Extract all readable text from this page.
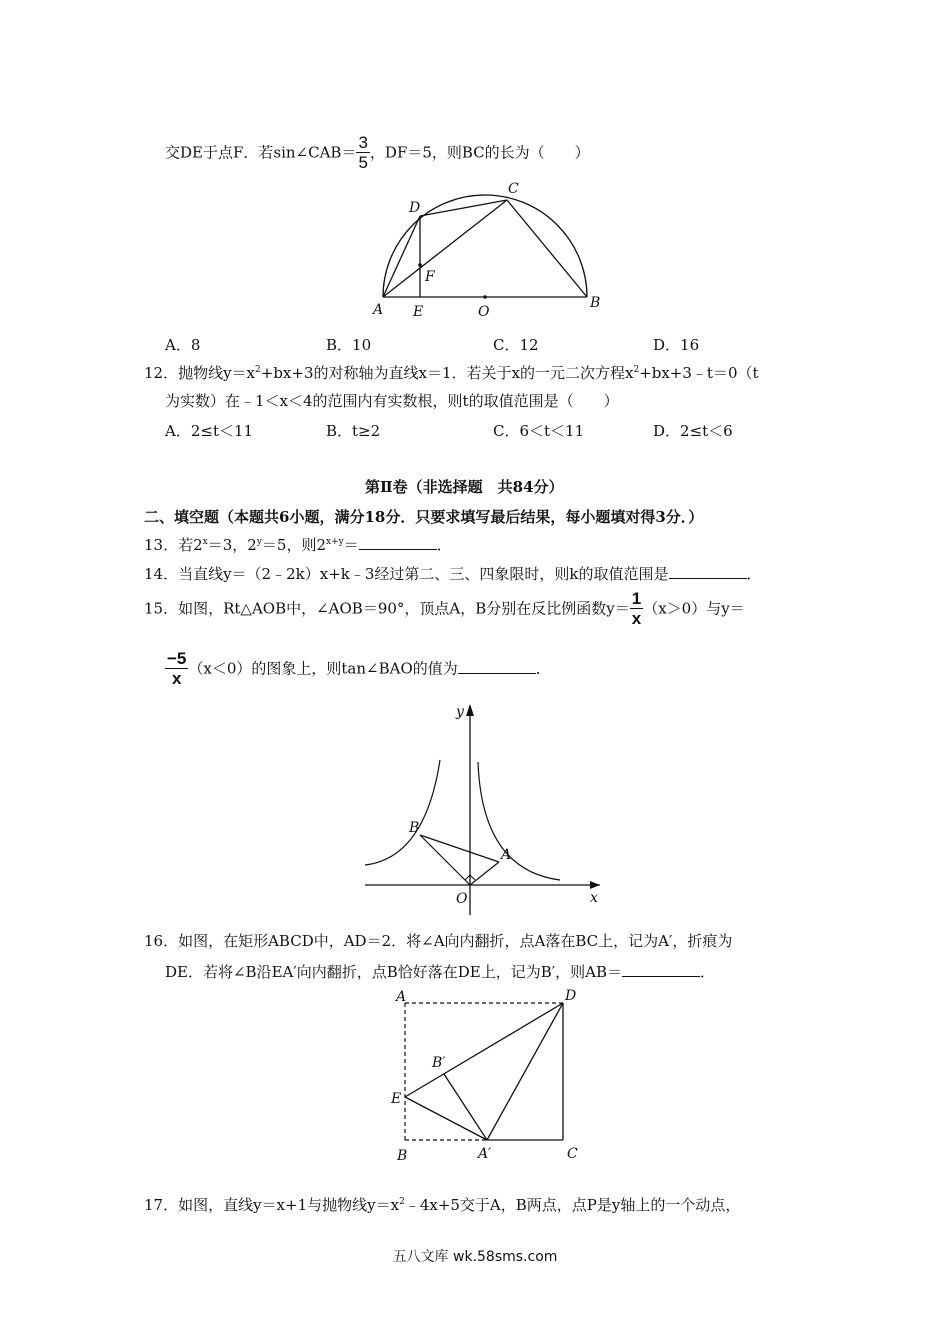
交DE于点F．若sin∠CAB＝ $\frac{3}{5}$ ，DF＝5，则BC的长为（　　）
D
C
F
A E	O
B
A．8	B．10	C．12	D．16
12．抛物线$y=x^2+bx+3$的对称轴为直线x＝1．若关于x的一元二次方程$x^2+bx+3﹣t=0(t$
为实数）在﹣1＜x＜4的范围内有实数根，则t的取值范围是（　　）
A．2≤t＜11	B．t≥2	C．6＜t＜11	D．2≤t＜6
第Ⅱ卷（非选择题　共84分）
二、填空题（本题共6小题，满分18分．只要求填写最后结果，每小题填对得3分．）
13．若$2^x=3$，$2^y=5$，则$2^{x+y}=$	．
14．当直线y＝（2﹣2k）x+k﹣3经过第二、三、四象限时，则k的取值范围是	．
15．如图，Rt△AOB中，∠AOB＝90°，顶点A，B分别在反比例函数$y= \frac{1}{x} (x>0)$与y＝
$\frac{-5}{x} (x<0)$的图象上，则tan∠BAO的值为	．
y
B
A
O	x
16．如图，在矩形ABCD中，AD＝2．将∠A向内翻折，点A落在BC上，记为A′，折痕为
DE．若将∠B沿EA′向内翻折，点B恰好落在DE上，记为B′，则AB＝	．
A	D
B′
E
B	A′	C
17．如图，直线y＝x+1与抛物线$y=x^2﹣4x+5$交于A，B两点，点P是y轴上的一个动点，
五八文库 wk.58sms.com
